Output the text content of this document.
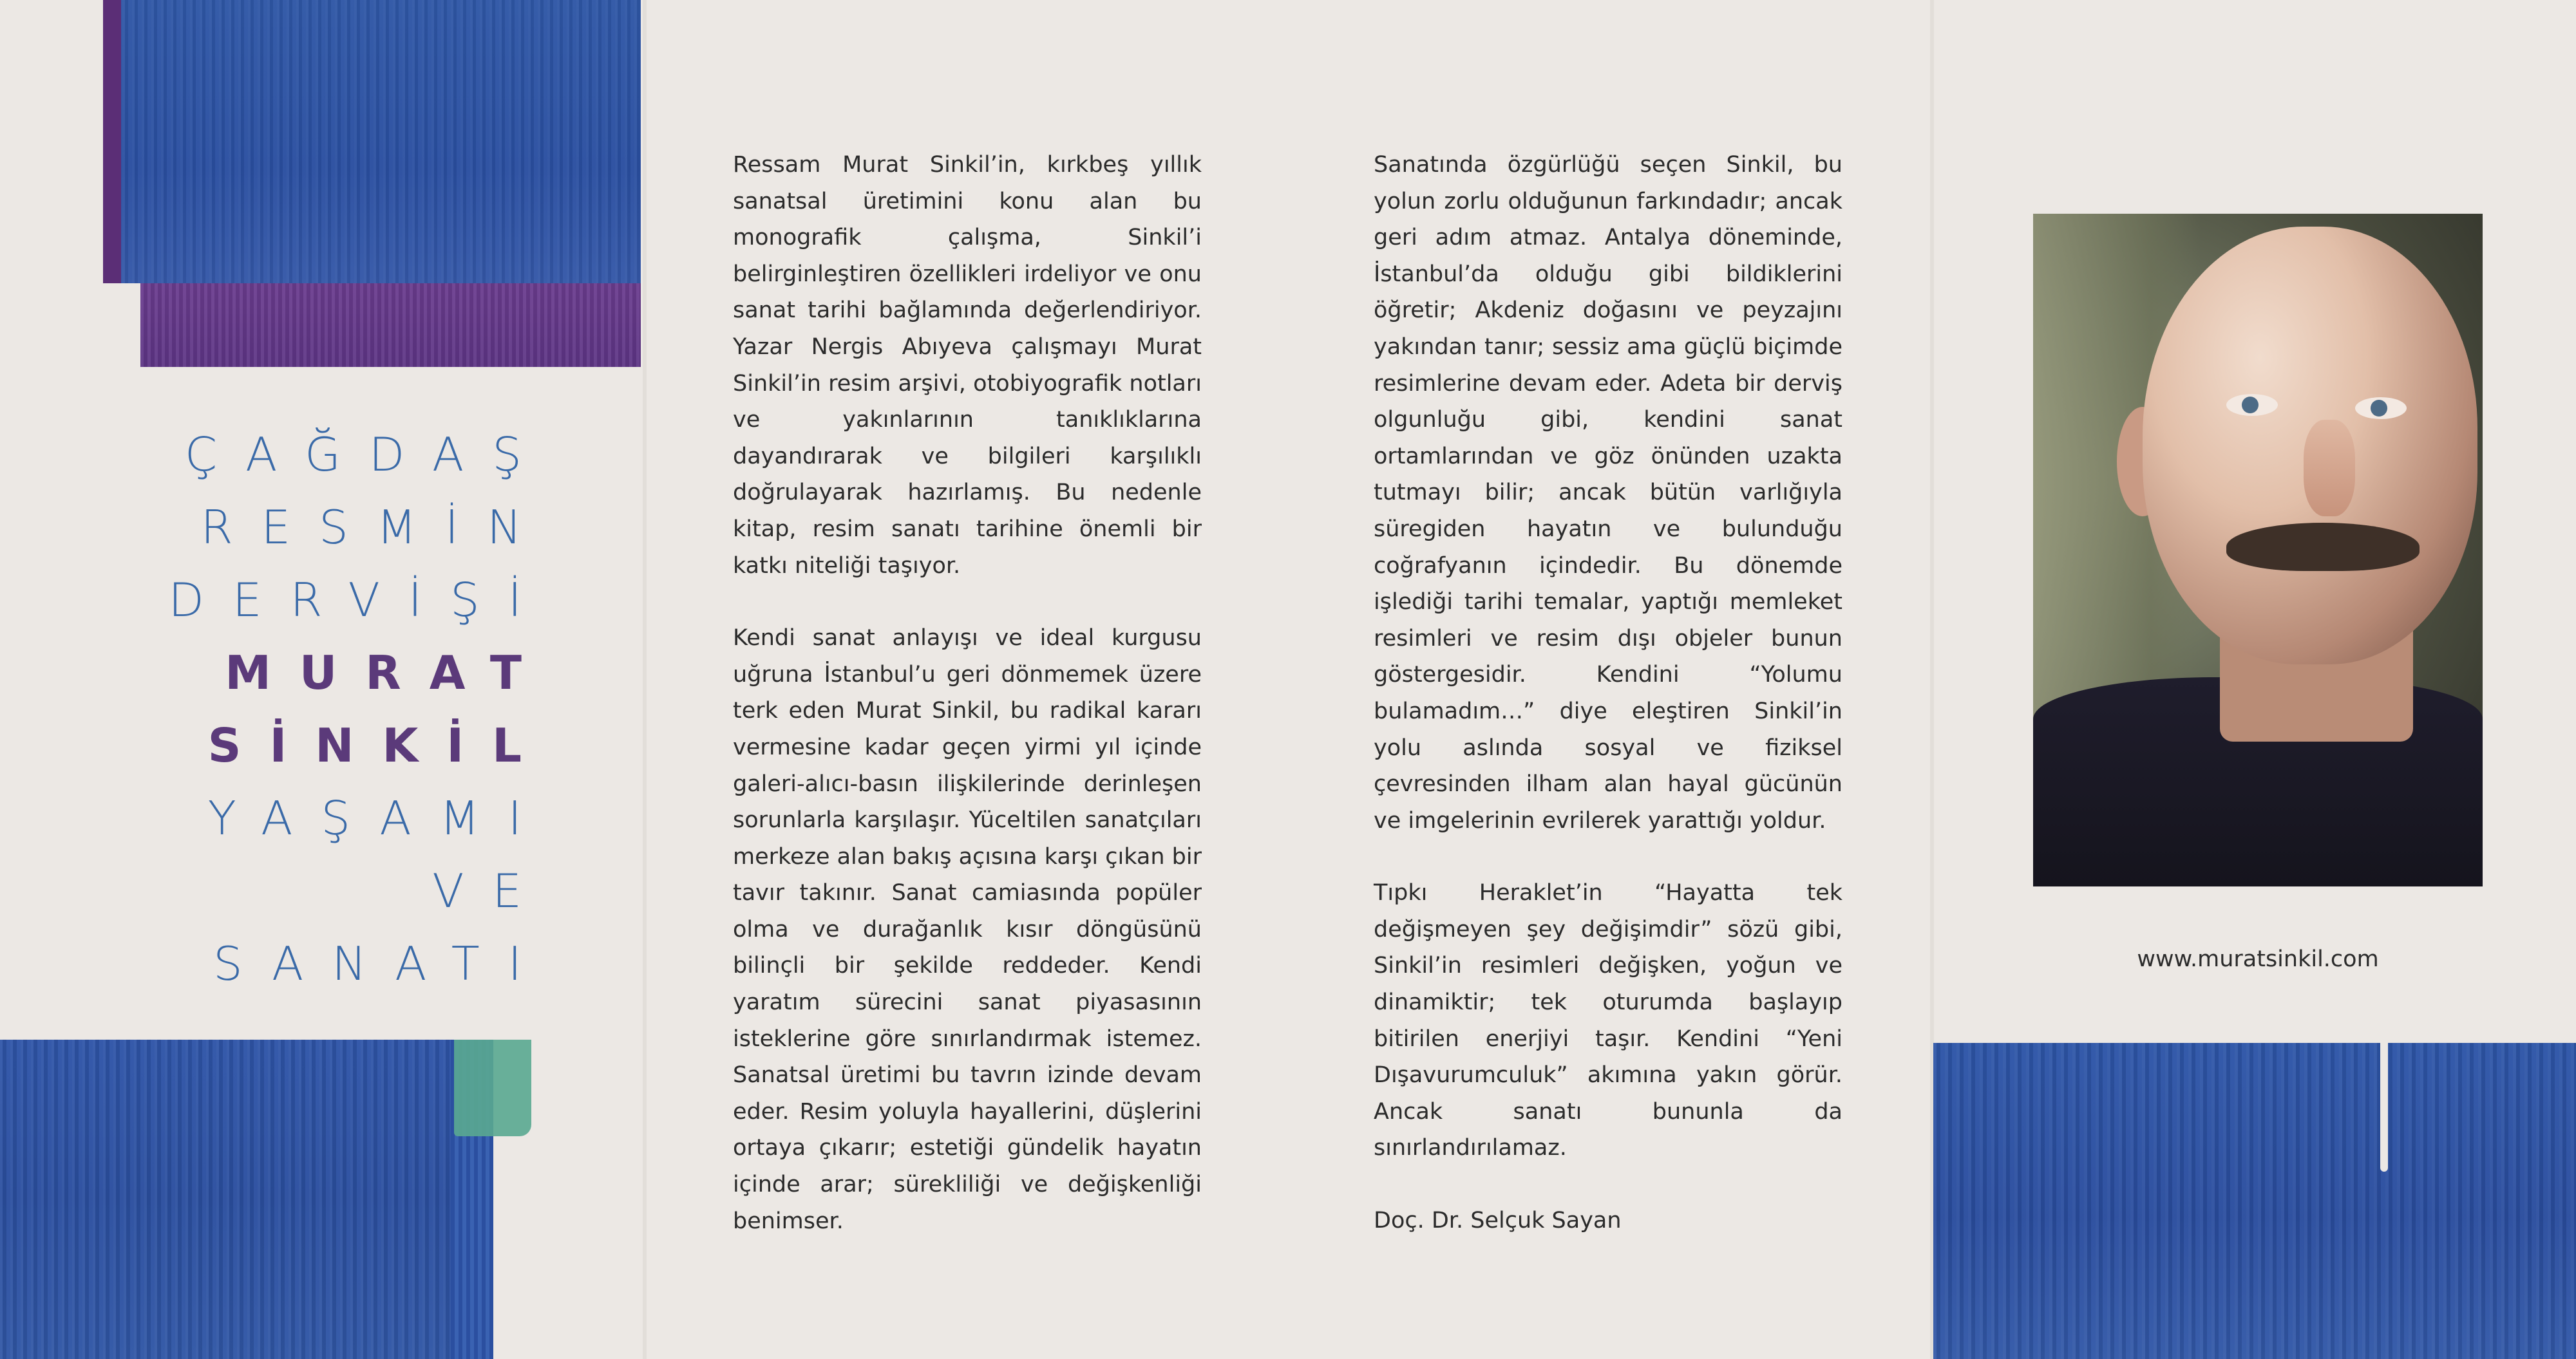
ÇAĞDAŞ
RESMİN
DERVİŞİ
MURAT
SİNKİL
YAŞAMI
VE
SANATI

Ressam Murat Sinkil’in, kırkbeş yıllık sanatsal üretimini konu alan bu monografik çalışma, Sinkil’i belirginleştiren özellikleri irdeliyor ve onu sanat tarihi bağlamında değerlendiriyor. Yazar Nergis Abıyeva çalışmayı Murat Sinkil’in resim arşivi, otobiyografik notları ve yakınlarının tanıklıklarına dayandırarak ve bilgileri karşılıklı doğrulayarak hazırlamış. Bu nedenle kitap, resim sanatı tarihine önemli bir katkı niteliği taşıyor.

Kendi sanat anlayışı ve ideal kurgusu uğruna İstanbul’u geri dönmemek üzere terk eden Murat Sinkil, bu radikal kararı vermesine kadar geçen yirmi yıl içinde galeri-alıcı-basın ilişkilerinde derinleşen sorunlarla karşılaşır. Yüceltilen sanatçıları merkeze alan bakış açısına karşı çıkan bir tavır takınır. Sanat camiasında popüler olma ve durağanlık kısır döngüsünü bilinçli bir şekilde reddeder. Kendi yaratım sürecini sanat piyasasının isteklerine göre sınırlandırmak istemez. Sanatsal üretimi bu tavrın izinde devam eder. Resim yoluyla hayallerini, düşlerini ortaya çıkarır; estetiği gündelik hayatın içinde arar; sürekliliği ve değişkenliği benimser.

Sanatında özgürlüğü seçen Sinkil, bu yolun zorlu olduğunun farkındadır; ancak geri adım atmaz. Antalya döneminde, İstanbul’da olduğu gibi bildiklerini öğretir; Akdeniz doğasını ve peyzajını yakından tanır; sessiz ama güçlü biçimde resimlerine devam eder. Adeta bir derviş olgunluğu gibi, kendini sanat ortamlarından ve göz önünden uzakta tutmayı bilir; ancak bütün varlığıyla süregiden hayatın ve bulunduğu coğrafyanın içindedir. Bu dönemde işlediği tarihi temalar, yaptığı memleket resimleri ve resim dışı objeler bunun göstergesidir. Kendini “Yolumu bulamadım…” diye eleştiren Sinkil’in yolu aslında sosyal ve fiziksel çevresinden ilham alan hayal gücünün ve imgelerinin evrilerek yarattığı yoldur.

Tıpkı Heraklet’in “Hayatta tek değişmeyen şey değişimdir” sözü gibi, Sinkil’in resimleri değişken, yoğun ve dinamiktir; tek oturumda başlayıp bitirilen enerjiyi taşır. Kendini “Yeni Dışavurumculuk” akımına yakın görür. Ancak sanatı bununla da sınırlandırılamaz.

Doç. Dr. Selçuk Sayan

www.muratsinkil.com
